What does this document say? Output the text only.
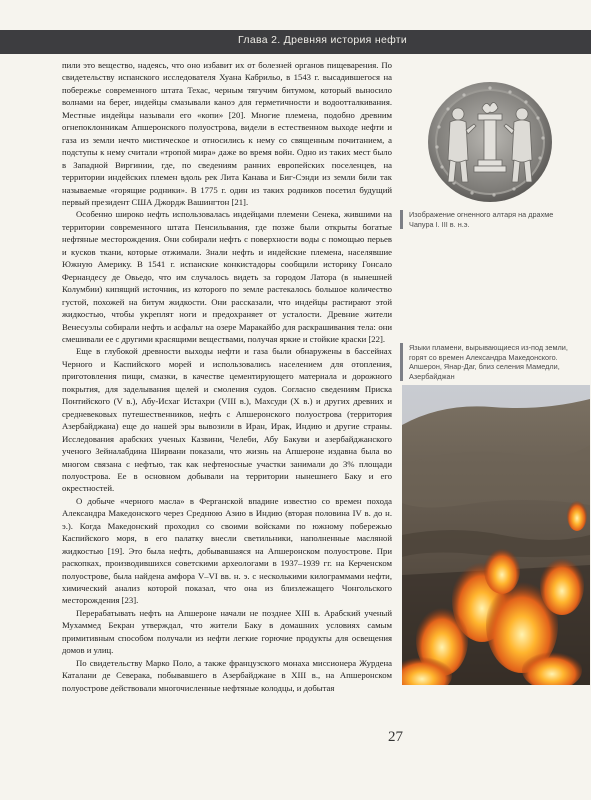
Глава 2. Древняя история нефти

пили это вещество, надеясь, что оно избавит их от болезней органов пищеварения. По свидетельству испанского исследователя Хуана Кабрильо, в 1543 г. высадившегося на побережье современного штата Техас, черным тягучим битумом, который выносило волнами на берег, индейцы смазывали каноэ для герметичности и водоотталкивания. Местные индейцы называли его «копи» [20]. Многие племена, подобно древним огнепоклонникам Апшеронского полуострова, видели в естественном выходе нефти и газа из земли нечто мистическое и относились к нему со священным почитанием, а подступы к нему считали «тропой мира» даже во время войн. Одно из таких мест было в Западной Виргинии, где, по сведениям ранних европейских поселенцев, на территории индейских племен вдоль рек Лита Канава и Биг-Сэнди из земли били так называемые «горящие родники». В 1775 г. один из таких родников посетил будущий первый президент США Джордж Вашингтон [21].

Особенно широко нефть использовалась индейцами племени Сенека, жившими на территории современного штата Пенсильвания, где позже были открыты богатые нефтяные месторождения. Они собирали нефть с поверхности воды с помощью перьев и кусков ткани, которые отжимали. Знали нефть и индейские племена, населявшие Южную Америку. В 1541 г. испанские конкистадоры сообщили историку Гонсало Фернандесу де Овьедо, что им случалось видеть за городом Латора (в нынешней Колумбии) кипящий источник, из которого по земле растекалось большое количество густой, похожей на битум жидкости. Они рассказали, что индейцы растирают этой жидкостью, чтобы укреплят ноги и предохраняет от усталости. Древние жители Венесуэлы собирали нефть и асфальт на озере Маракайбо для раскрашивания тела: они смешивали ее с другими красящими веществами, получая яркие и стойкие краски [22].

Еще в глубокой древности выходы нефти и газа были обнаружены в бассейнах Черного и Каспийского морей и использовались населением для отопления, приготовления пищи, смазки, в качестве цементирующего материала и дорожного покрытия, для заделывания щелей и смоления судов. Согласно сведениям Приска Понтийского (V в.), Абу-Исхаг Истахри (VIII в.), Махсуди (X в.) и других древних и средневековых путешественников, нефть с Апшеронского полуострова (территория Азербайджана) еще до нашей эры вывозили в Иран, Ирак, Индию и другие страны. Исследования арабских ученых Казвини, Челеби, Абу Бакуви и азербайджанского ученого Зейналабдина Ширвани показали, что жизнь на Апшероне издавна была во многом связана с нефтью, так как нефтеносные участки занимали до 3% площади полуострова. Ее в основном добывали на территории нынешнего Баку и его окрестностей.

О добыче «черного масла» в Ферганской впадине известно со времен похода Александра Македонского через Среднюю Азию в Индию (вторая половина IV в. до н. э.). Когда Македонский проходил со своими войсками по южному побережью Каспийского моря, в его палатку внесли светильники, наполненные масляной жидкостью [19]. Это была нефть, добывавшаяся на Апшеронском полуострове. При раскопках, производившихся советскими археологами в 1937–1939 гг. на Керченском полуострове, была найдена амфора V–VI вв. н. э. с несколькими килограммами нефти, химический анализ которой показал, что она из близлежащего Чонгольского месторождения [23].

Перерабатывать нефть на Апшероне начали не позднее XIII в. Арабский ученый Мухаммед Бекран утверждал, что жители Баку в домашних условиях самым примитивным способом получали из нефти легкие горючие продукты для освещения домов и улиц.

По свидетельству Марко Поло, а также французского монаха миссионера Журдена Каталани де Северака, побывавшего в Азербайджане в XIII в., на Апшеронском полуострове действовали многочисленные нефтяные колодцы, и добытая

Изображение огненного алтаря на драхме Чапура I. III в. н.э.
Языки пламени, вырывающиеся из-под земли, горят со времен Александра Македонского. Апшерон, Янар-Даг, близ селения Мамедли, Азербайджан
27
